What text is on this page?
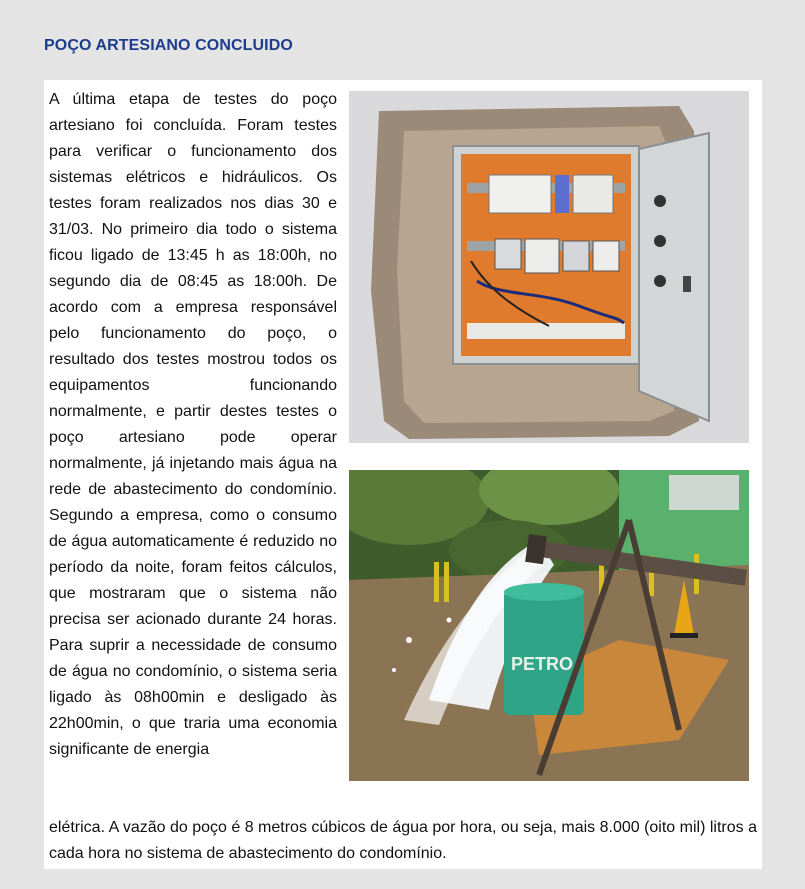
POÇO ARTESIANO CONCLUIDO
PETRO

A última etapa de testes do poço artesiano foi concluída. Foram testes para verificar o funcionamento dos sistemas elétricos e hidráulicos. Os testes foram realizados nos dias 30 e 31/03. No primeiro dia todo o sistema ficou ligado de 13:45 h as 18:00h, no segundo dia de 08:45 as 18:00h. De acordo com a empresa responsável pelo funcionamento do poço, o resultado dos testes mostrou todos os equipamentos funcionando normalmente, e partir destes testes o poço artesiano pode operar normalmente, já injetando mais água na rede de abastecimento do condomínio. Segundo a empresa, como o consumo de água automaticamente é reduzido no período da noite, foram feitos cálculos, que mostraram que o sistema não precisa ser acionado durante 24 horas. Para suprir a necessidade de consumo de água no condomínio, o sistema seria ligado às 08h00min e desligado às 22h00min, o que traria uma economia significante de energia

elétrica. A vazão do poço é 8 metros cúbicos de água por hora, ou seja, mais 8.000 (oito mil) litros a cada hora no sistema de abastecimento do condomínio.
